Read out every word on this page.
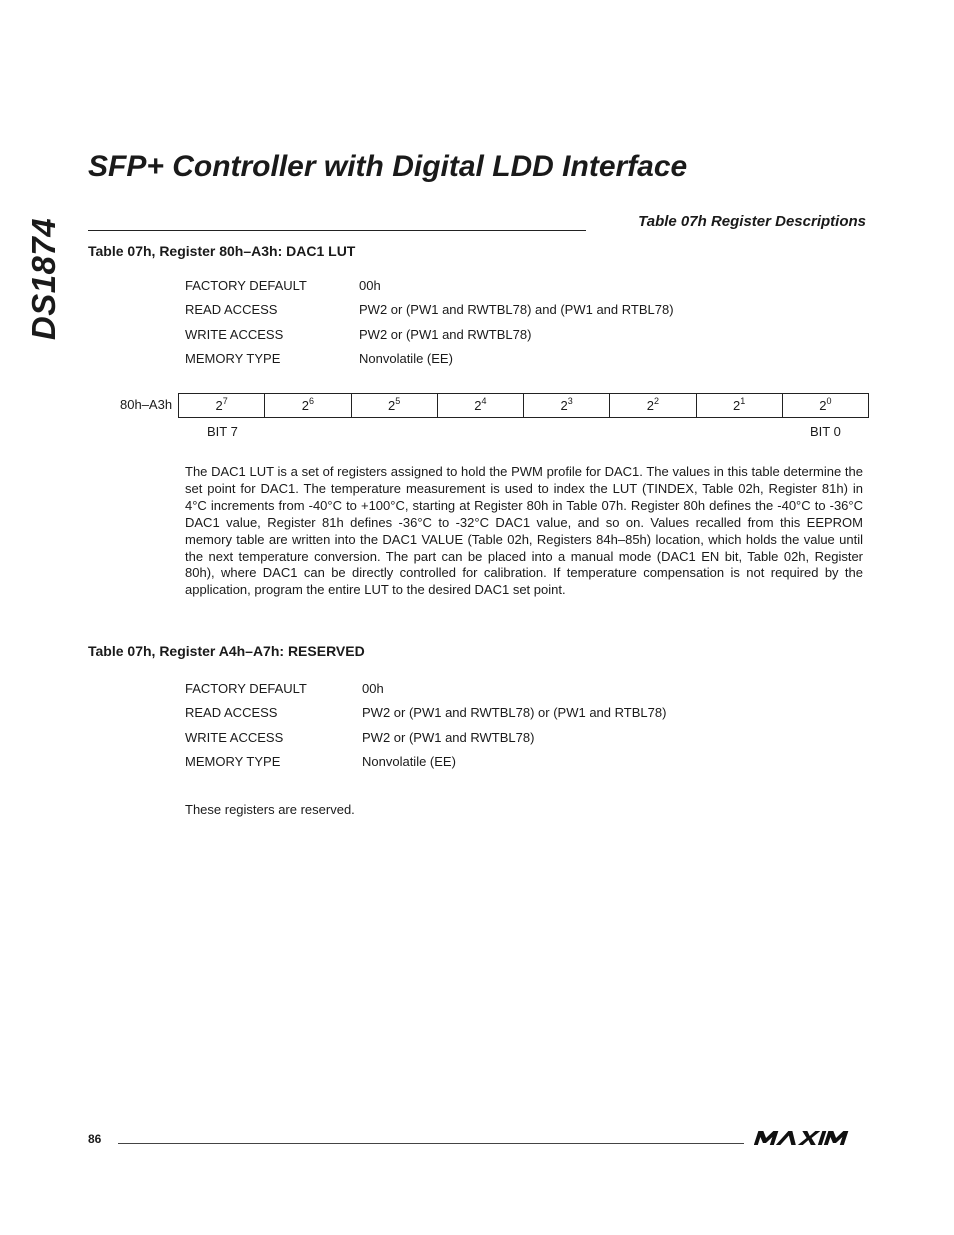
DS1874
SFP+ Controller with Digital LDD Interface
Table 07h Register Descriptions
Table 07h, Register 80h–A3h: DAC1 LUT
FACTORY DEFAULT	00h
READ ACCESS	PW2 or (PW1 and RWTBL78) and (PW1 and RTBL78)
WRITE ACCESS	PW2 or (PW1 and RWTBL78)
MEMORY TYPE	Nonvolatile (EE)
80h–A3h	$2^7$	$2^6$	$2^5$	$2^4$	$2^3$	$2^2$	$2^1$	$2^0$
BIT 7	BIT 0

The DAC1 LUT is a set of registers assigned to hold the PWM profile for DAC1. The values in this table determine the set point for DAC1. The temperature measurement is used to index the LUT (TINDEX, Table 02h, Register 81h) in 4°C increments from -40°C to +100°C, starting at Register 80h in Table 07h. Register 80h defines the -40°C to -36°C DAC1 value, Register 81h defines -36°C to -32°C DAC1 value, and so on. Values recalled from this EEPROM memory table are written into the DAC1 VALUE (Table 02h, Registers 84h–85h) location, which holds the value until the next temperature conversion. The part can be placed into a manual mode (DAC1 EN bit, Table 02h, Register 80h), where DAC1 can be directly controlled for calibration. If temperature compensation is not required by the application, program the entire LUT to the desired DAC1 set point.

Table 07h, Register A4h–A7h: RESERVED
FACTORY DEFAULT	00h
READ ACCESS	PW2 or (PW1 and RWTBL78) or (PW1 and RTBL78)
WRITE ACCESS	PW2 or (PW1 and RWTBL78)
MEMORY TYPE	Nonvolatile (EE)

These registers are reserved.

86
